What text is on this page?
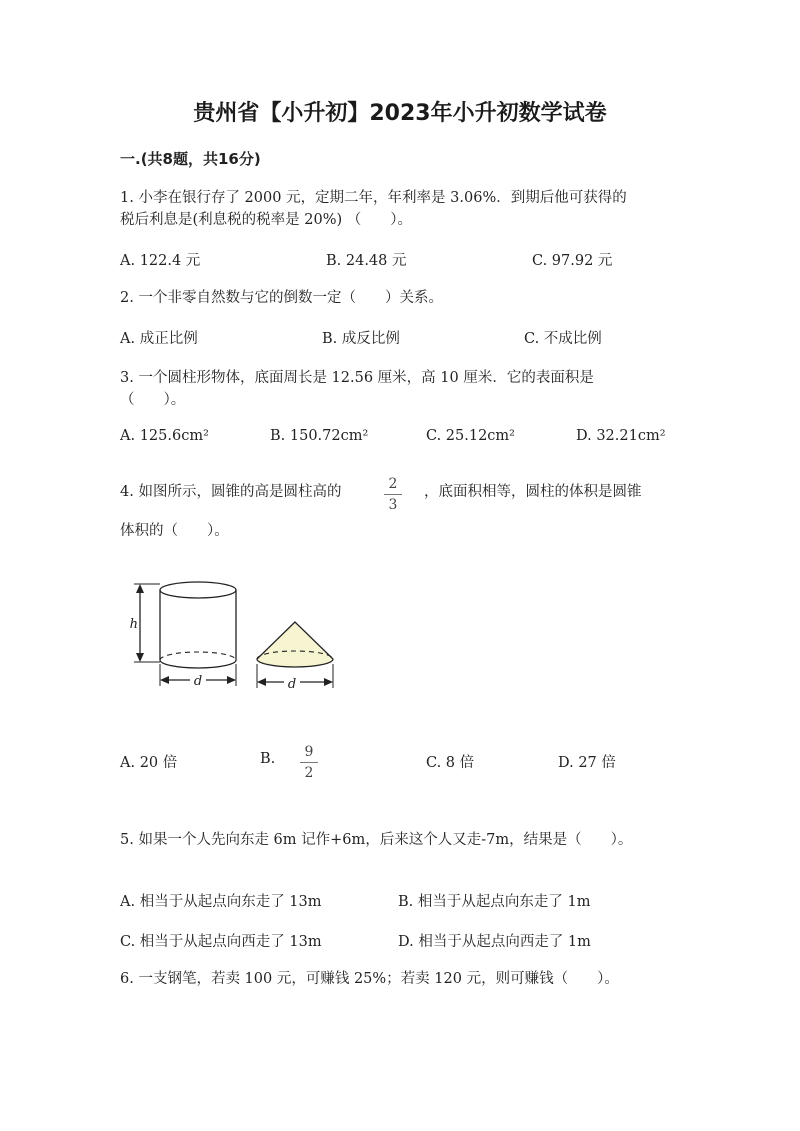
贵州省【小升初】2023年小升初数学试卷
一.(共8题，共16分)
1. 小李在银行存了 2000 元，定期二年，年利率是 3.06%．到期后他可获得的
税后利息是(利息税的税率是 20%) （　　）。
A. 122.4 元	B. 24.48 元	C. 97.92 元
2. 一个非零自然数与它的倒数一定（　　）关系。
A. 成正比例	B. 成反比例	C. 不成比例
3. 一个圆柱形物体，底面周长是 12.56 厘米，高 10 厘米．它的表面积是
（　　）。
A. 125.6cm²	B. 150.72cm²	C. 25.12cm²	D. 32.21cm²
4. 如图所示，圆锥的高是圆柱高的	2
3
，底面积相等，圆柱的体积是圆锥
体积的（　　）。
h
d	d
A. 20 倍	B.	9
2
C. 8 倍	D. 27 倍
5. 如果一个人先向东走 6m 记作+6m，后来这个人又走-7m，结果是（　　）。
A. 相当于从起点向东走了 13m	B. 相当于从起点向东走了 1m
C. 相当于从起点向西走了 13m	D. 相当于从起点向西走了 1m
6. 一支钢笔，若卖 100 元，可赚钱 25%；若卖 120 元，则可赚钱（　　）。
